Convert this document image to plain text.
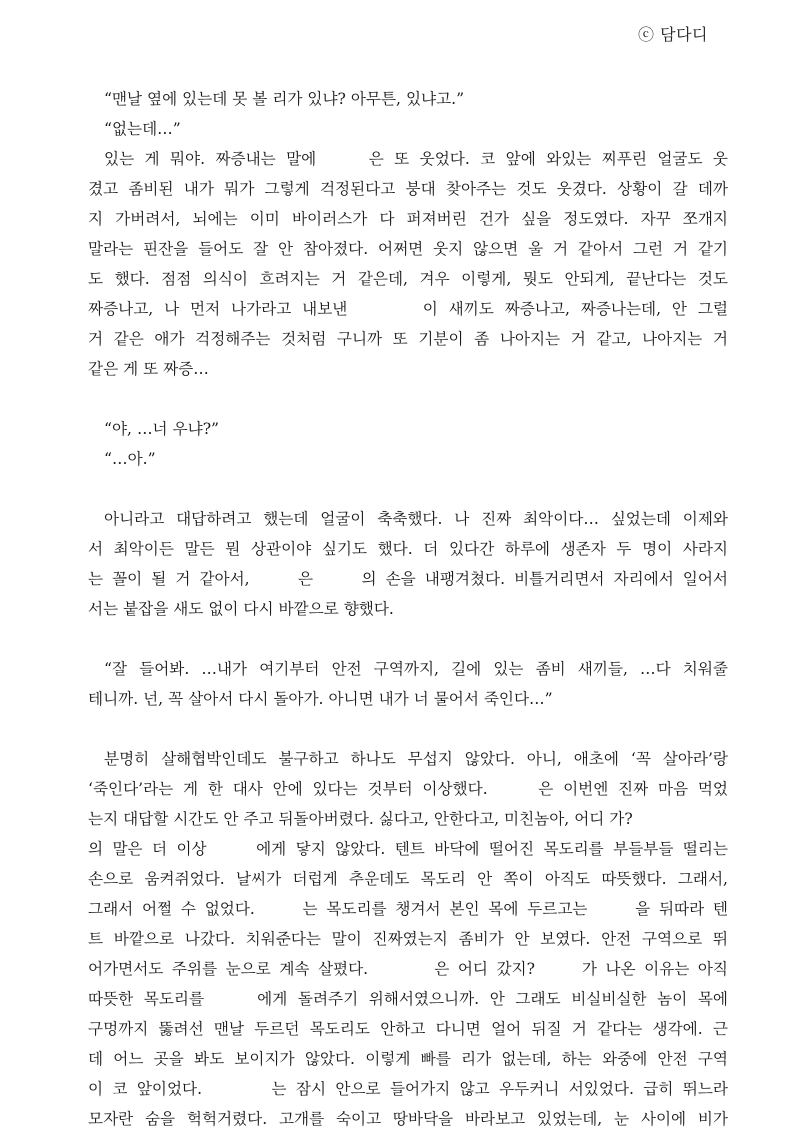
ⓒ 담다디
“맨날 옆에 있는데 못 볼 리가 있냐? 아무튼, 있냐고.”
“없는데…”
있는 게 뭐야. 짜증내는 말에 　　은 또 웃었다. 코 앞에 와있는 찌푸린 얼굴도 웃
겼고 좀비된 내가 뭐가 그렇게 걱정된다고 붕대 찾아주는 것도 웃겼다. 상황이 갈 데까
지 가버려서, 뇌에는 이미 바이러스가 다 퍼져버린 건가 싶을 정도였다. 자꾸 쪼개지
말라는 핀잔을 들어도 잘 안 참아졌다. 어쩌면 웃지 않으면 울 거 같아서 그런 거 같기
도 했다. 점점 의식이 흐려지는 거 같은데, 겨우 이렇게, 뭣도 안되게, 끝난다는 것도
짜증나고, 나 먼저 나가라고 내보낸 　　　이 새끼도 짜증나고, 짜증나는데, 안 그럴
거 같은 애가 걱정해주는 것처럼 구니까 또 기분이 좀 나아지는 거 같고, 나아지는 거
같은 게 또 짜증…
“야, …너 우냐?”
“…아.”
아니라고 대답하려고 했는데 얼굴이 축축했다. 나 진짜 최악이다… 싶었는데 이제와
서 최악이든 말든 뭔 상관이야 싶기도 했다. 더 있다간 하루에 생존자 두 명이 사라지
는 꼴이 될 거 같아서, 　　은 　　의 손을 내팽겨쳤다. 비틀거리면서 자리에서 일어서
서는 붙잡을 새도 없이 다시 바깥으로 향했다.
“잘 들어봐. …내가 여기부터 안전 구역까지, 길에 있는 좀비 새끼들, …다 치워줄
테니까. 넌, 꼭 살아서 다시 돌아가. 아니면 내가 너 물어서 죽인다…”
분명히 살해협박인데도 불구하고 하나도 무섭지 않았다. 아니, 애초에 ‘꼭 살아라’랑
‘죽인다’라는 게 한 대사 안에 있다는 것부터 이상했다. 　　은 이번엔 진짜 마음 먹었
는지 대답할 시간도 안 주고 뒤돌아버렸다. 싫다고, 안한다고, 미친놈아, 어디 가?
의 말은 더 이상 　　에게 닿지 않았다. 텐트 바닥에 떨어진 목도리를 부들부들 떨리는
손으로 움켜쥐었다. 날씨가 더럽게 추운데도 목도리 안 쪽이 아직도 따뜻했다. 그래서,
그래서 어쩔 수 없었다. 　　는 목도리를 챙겨서 본인 목에 두르고는 　　을 뒤따라 텐
트 바깥으로 나갔다. 치워준다는 말이 진짜였는지 좀비가 안 보였다. 안전 구역으로 뛰
어가면서도 주위를 눈으로 계속 살폈다. 　　　은 어디 갔지? 　　가 나온 이유는 아직
따뜻한 목도리를 　　에게 돌려주기 위해서였으니까. 안 그래도 비실비실한 놈이 목에
구멍까지 뚫려선 맨날 두르던 목도리도 안하고 다니면 얼어 뒤질 거 같다는 생각에. 근
데 어느 곳을 봐도 보이지가 않았다. 이렇게 빠를 리가 없는데, 하는 와중에 안전 구역
이 코 앞이었다. 　　　는 잠시 안으로 들어가지 않고 우두커니 서있었다. 급히 뛰느라
모자란 숨을 헉헉거렸다. 고개를 숙이고 땅바닥을 바라보고 있었는데, 눈 사이에 비가
